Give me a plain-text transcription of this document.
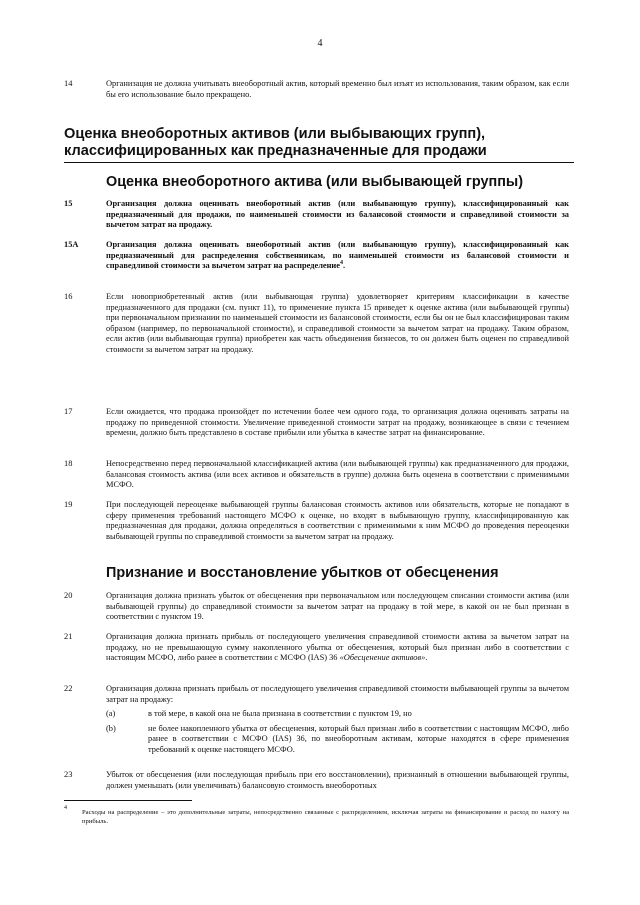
4
14	Организация не должна учитывать внеоборотный актив, который временно был изъят из использования, таким образом, как если бы его использование было прекращено.
Оценка внеоборотных активов (или выбывающих групп), классифицированных как предназначенные для продажи
Оценка внеоборотного актива (или выбывающей группы)
15	Организация должна оценивать внеоборотный актив (или выбывающую группу), классифицированный как предназначенный для продажи, по наименьшей стоимости из балансовой стоимости и справедливой стоимости за вычетом затрат на продажу.
15A	Организация должна оценивать внеоборотный актив (или выбывающую группу), классифицированный как предназначенный для распределения собственникам, по наименьшей стоимости из балансовой стоимости и справедливой стоимости за вычетом затрат на распределение$^4$.
16	Если новоприобретенный актив (или выбывающая группа) удовлетворяет критериям классификации в качестве предназначенного для продажи (см. пункт 11), то применение пункта 15 приведет к оценке актива (или выбывающей группы) при первоначальном признании по наименьшей стоимости из балансовой стоимости, если бы он не был классифицирован таким образом (например, по первоначальной стоимости), и справедливой стоимости за вычетом затрат на продажу. Таким образом, если актив (или выбывающая группа) приобретен как часть объединения бизнесов, то он должен быть оценен по справедливой стоимости за вычетом затрат на продажу.
17	Если ожидается, что продажа произойдет по истечении более чем одного года, то организация должна оценивать затраты на продажу по приведенной стоимости. Увеличение приведенной стоимости затрат на продажу, возникающее в связи с течением времени, должно быть представлено в составе прибыли или убытка в качестве затрат на финансирование.
18	Непосредственно перед первоначальной классификацией актива (или выбывающей группы) как предназначенного для продажи, балансовая стоимость актива (или всех активов и обязательств в группе) должна быть оценена в соответствии с применимыми МСФО.
19	При последующей переоценке выбывающей группы балансовая стоимость активов или обязательств, которые не попадают в сферу применения требований настоящего МСФО к оценке, но входят в выбывающую группу, классифицированную как предназначенная для продажи, должна определяться в соответствии с применимыми к ним МСФО до проведения переоценки выбывающей группы по справедливой стоимости за вычетом затрат на продажу.
Признание и восстановление убытков от обесценения
20	Организация должна признать убыток от обесценения при первоначальном или последующем списании стоимости актива (или выбывающей группы) до справедливой стоимости за вычетом затрат на продажу в той мере, в какой он не был признан в соответствии с пунктом 19.
21	Организация должна признать прибыль от последующего увеличения справедливой стоимости актива за вычетом затрат на продажу, но не превышающую сумму накопленного убытка от обесценения, который был признан либо в соответствии с настоящим МСФО, либо ранее в соответствии с МСФО (IAS) 36 «Обесценение активов».
22	Организация должна признать прибыль от последующего увеличения справедливой стоимости выбывающей группы за вычетом затрат на продажу:
(a)	в той мере, в какой она не была признана в соответствии с пунктом 19, но
(b)	не более накопленного убытка от обесценения, который был признан либо в соответствии с настоящим МСФО, либо ранее в соответствии с МСФО (IAS) 36, по внеоборотным активам, которые находятся в сфере применения требований к оценке настоящего МСФО.
23	Убыток от обесценения (или последующая прибыль при его восстановлении), признанный в отношении выбывающей группы, должен уменьшать (или увеличивать) балансовую стоимость внеоборотных
4
Расходы на распределение – это дополнительные затраты, непосредственно связанные с распределением, исключая затраты на финансирование и расход по налогу на прибыль.
